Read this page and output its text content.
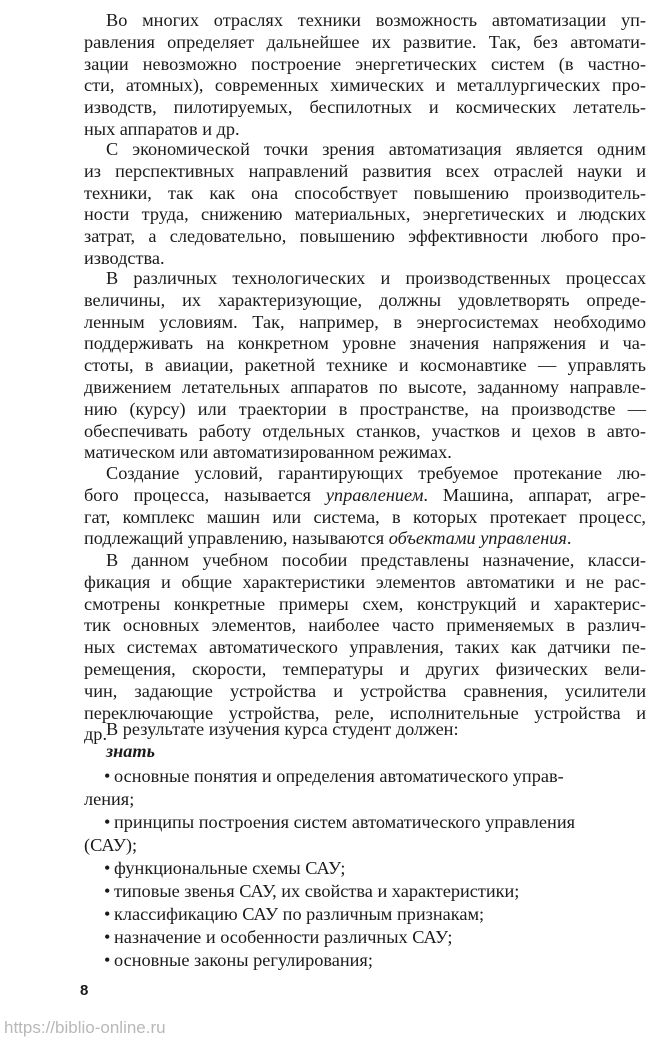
Во многих отраслях техники возможность автоматизации уп-
равления определяет дальнейшее их развитие. Так, без автомати-
зации невозможно построение энергетических систем (в частно-
сти, атомных), современных химических и металлургических про-
изводств, пилотируемых, беспилотных и космических летатель-
ных аппаратов и др.
С экономической точки зрения автоматизация является одним
из перспективных направлений развития всех отраслей науки и
техники, так как она способствует повышению производитель-
ности труда, снижению материальных, энергетических и людских
затрат, а следовательно, повышению эффективности любого про-
изводства.
В различных технологических и производственных процессах
величины, их характеризующие, должны удовлетворять опреде-
ленным условиям. Так, например, в энергосистемах необходимо
поддерживать на конкретном уровне значения напряжения и ча-
стоты, в авиации, ракетной технике и космонавтике — управлять
движением летательных аппаратов по высоте, заданному направле-
нию (курсу) или траектории в пространстве, на производстве —
обеспечивать работу отдельных станков, участков и цехов в авто-
матическом или автоматизированном режимах.
Создание условий, гарантирующих требуемое протекание лю-
бого процесса, называется управлением. Машина, аппарат, агре-
гат, комплекс машин или система, в которых протекает процесс,
подлежащий управлению, называются объектами управления.
В данном учебном пособии представлены назначение, класси-
фикация и общие характеристики элементов автоматики и не рас-
смотрены конкретные примеры схем, конструкций и характерис-
тик основных элементов, наиболее часто применяемых в различ-
ных системах автоматического управления, таких как датчики пе-
ремещения, скорости, температуры и других физических вели-
чин, задающие устройства и устройства сравнения, усилители
переключающие устройства, реле, исполнительные устройства и
др.
В результате изучения курса студент должен:
знать
• основные понятия и определения автоматического управ-
ления;
• принципы построения систем автоматического управления
(САУ);
• функциональные схемы САУ;
• типовые звенья САУ, их свойства и характеристики;
• классификацию САУ по различным признакам;
• назначение и особенности различных САУ;
• основные законы регулирования;
8
https://biblio-online.ru
